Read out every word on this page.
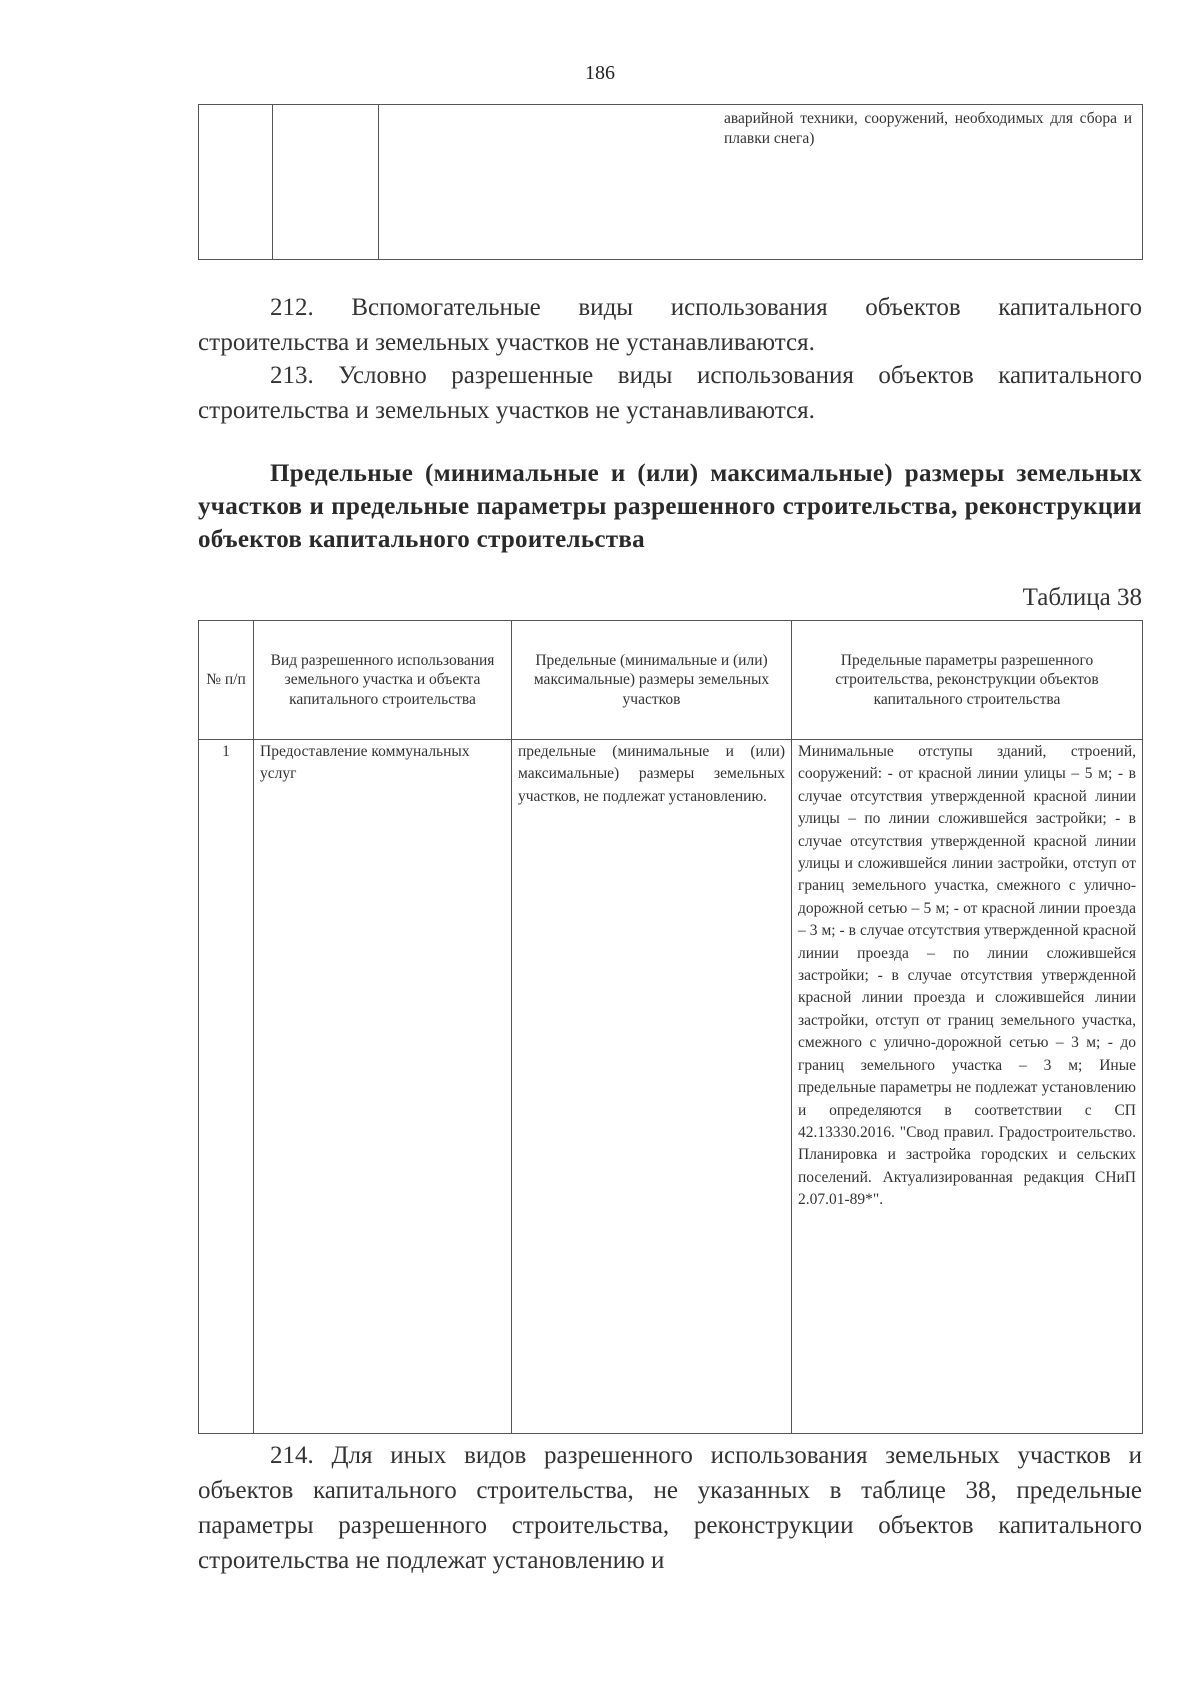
186

аварийной техники, сооружений, необходимых для сбора и плавки снега)

212. Вспомогательные виды использования объектов капитального строительства и земельных участков не устанавливаются.

213. Условно разрешенные виды использования объектов капитального строительства и земельных участков не устанавливаются.

Предельные (минимальные и (или) максимальные) размеры земельных участков и предельные параметры разрешенного строительства, реконструкции объектов капитального строительства

Таблица 38
№ п/п	Вид разрешенного использования земельного участка и объекта капитального строительства	Предельные (минимальные и (или) максимальные) размеры земельных участков	Предельные параметры разрешенного строительства, реконструкции объектов капитального строительства
1	Предоставление коммунальных услуг	предельные (минимальные и (или) максимальные) размеры земельных участков, не подлежат установлению.	Минимальные отступы зданий, строений, сооружений: - от красной линии улицы – 5 м; - в случае отсутствия утвержденной красной линии улицы – по линии сложившейся застройки; - в случае отсутствия утвержденной красной линии улицы и сложившейся линии застройки, отступ от границ земельного участка, смежного с улично-дорожной сетью – 5 м; - от красной линии проезда – 3 м; - в случае отсутствия утвержденной красной линии проезда – по линии сложившейся застройки; - в случае отсутствия утвержденной красной линии проезда и сложившейся линии застройки, отступ от границ земельного участка, смежного с улично-дорожной сетью – 3 м; - до границ земельного участка – 3 м; Иные предельные параметры не подлежат установлению и определяются в соответствии с СП 42.13330.2016. "Свод правил. Градостроительство. Планировка и застройка городских и сельских поселений. Актуализированная редакция СНиП 2.07.01-89*".

214. Для иных видов разрешенного использования земельных участков и объектов капитального строительства, не указанных в таблице 38, предельные параметры разрешенного строительства, реконструкции объектов капитального строительства не подлежат установлению и
